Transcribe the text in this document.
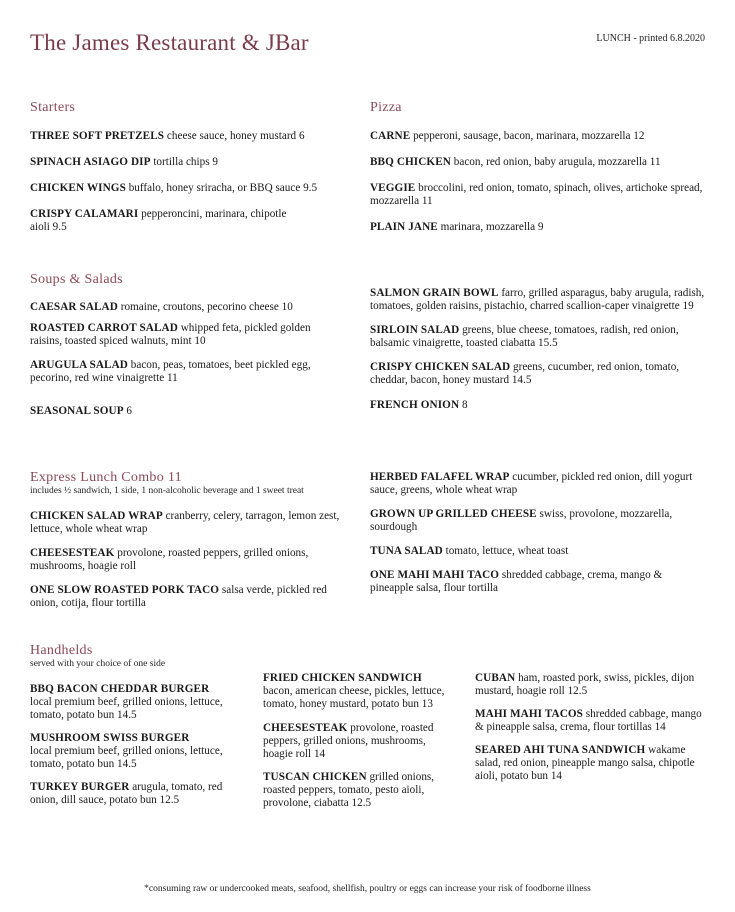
The James Restaurant & JBar	LUNCH - printed 6.8.2020
Starters

THREE SOFT PRETZELS cheese sauce, honey mustard 6

SPINACH ASIAGO DIP tortilla chips 9

CHICKEN WINGS buffalo, honey sriracha, or BBQ sauce 9.5

CRISPY CALAMARI pepperoncini, marinara, chipotle aioli 9.5

Pizza

CARNE pepperoni, sausage, bacon, marinara, mozzarella 12

BBQ CHICKEN bacon, red onion, baby arugula, mozzarella 11

VEGGIE broccolini, red onion, tomato, spinach, olives, artichoke spread, mozzarella 11

PLAIN JANE marinara, mozzarella 9

Soups & Salads

CAESAR SALAD romaine, croutons, pecorino cheese 10

ROASTED CARROT SALAD whipped feta, pickled golden raisins, toasted spiced walnuts, mint 10

ARUGULA SALAD bacon, peas, tomatoes, beet pickled egg, pecorino, red wine vinaigrette 11

SEASONAL SOUP 6

SALMON GRAIN BOWL farro, grilled asparagus, baby arugula, radish, tomatoes, golden raisins, pistachio, charred scallion-caper vinaigrette 19

SIRLOIN SALAD greens, blue cheese, tomatoes, radish, red onion, balsamic vinaigrette, toasted ciabatta 15.5

CRISPY CHICKEN SALAD greens, cucumber, red onion, tomato, cheddar, bacon, honey mustard 14.5

FRENCH ONION 8

Express Lunch Combo 11
includes ½ sandwich, 1 side, 1 non-alcoholic beverage and 1 sweet treat

CHICKEN SALAD WRAP cranberry, celery, tarragon, lemon zest, lettuce, whole wheat wrap

CHEESESTEAK provolone, roasted peppers, grilled onions, mushrooms, hoagie roll

ONE SLOW ROASTED PORK TACO salsa verde, pickled red onion, cotija, flour tortilla

HERBED FALAFEL WRAP cucumber, pickled red onion, dill yogurt sauce, greens, whole wheat wrap

GROWN UP GRILLED CHEESE swiss, provolone, mozzarella, sourdough

TUNA SALAD tomato, lettuce, wheat toast

ONE MAHI MAHI TACO shredded cabbage, crema, mango & pineapple salsa, flour tortilla

Handhelds
served with your choice of one side

BBQ BACON CHEDDAR BURGER
local premium beef, grilled onions, lettuce, tomato, potato bun 14.5

MUSHROOM SWISS BURGER
local premium beef, grilled onions, lettuce, tomato, potato bun 14.5

TURKEY BURGER arugula, tomato, red onion, dill sauce, potato bun 12.5

FRIED CHICKEN SANDWICH
bacon, american cheese, pickles, lettuce, tomato, honey mustard, potato bun 13

CHEESESTEAK provolone, roasted peppers, grilled onions, mushrooms, hoagie roll 14

TUSCAN CHICKEN grilled onions, roasted peppers, tomato, pesto aioli, provolone, ciabatta 12.5

CUBAN ham, roasted pork, swiss, pickles, dijon mustard, hoagie roll 12.5

MAHI MAHI TACOS shredded cabbage, mango & pineapple salsa, crema, flour tortillas 14

SEARED AHI TUNA SANDWICH wakame salad, red onion, pineapple mango salsa, chipotle aioli, potato bun 14

*consuming raw or undercooked meats, seafood, shellfish, poultry or eggs can increase your risk of foodborne illness
